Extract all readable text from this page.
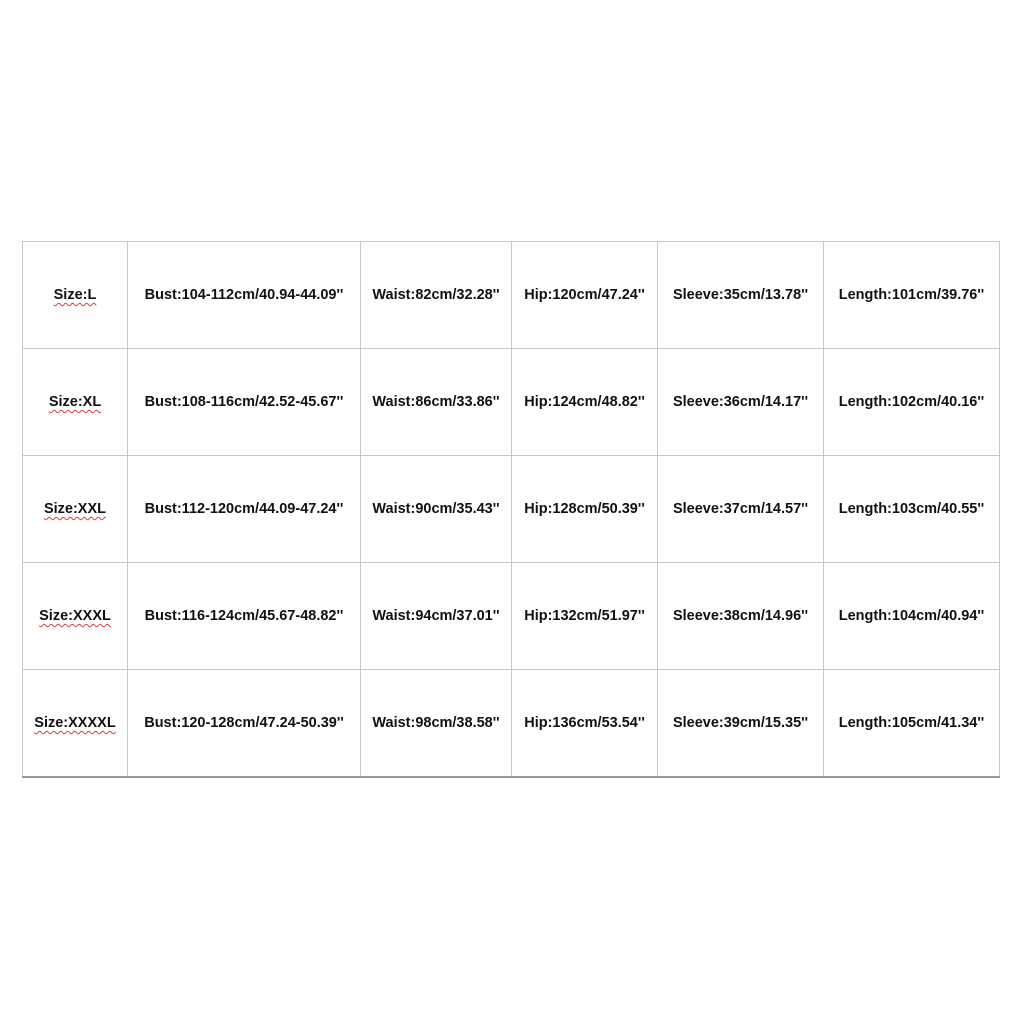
Size:L	Bust:104-112cm/40.94-44.09''	Waist:82cm/32.28''	Hip:120cm/47.24''	Sleeve:35cm/13.78''	Length:101cm/39.76''
Size:XL	Bust:108-116cm/42.52-45.67''	Waist:86cm/33.86''	Hip:124cm/48.82''	Sleeve:36cm/14.17''	Length:102cm/40.16''
Size:XXL	Bust:112-120cm/44.09-47.24''	Waist:90cm/35.43''	Hip:128cm/50.39''	Sleeve:37cm/14.57''	Length:103cm/40.55''
Size:XXXL	Bust:116-124cm/45.67-48.82''	Waist:94cm/37.01''	Hip:132cm/51.97''	Sleeve:38cm/14.96''	Length:104cm/40.94''
Size:XXXXL	Bust:120-128cm/47.24-50.39''	Waist:98cm/38.58''	Hip:136cm/53.54''	Sleeve:39cm/15.35''	Length:105cm/41.34''
